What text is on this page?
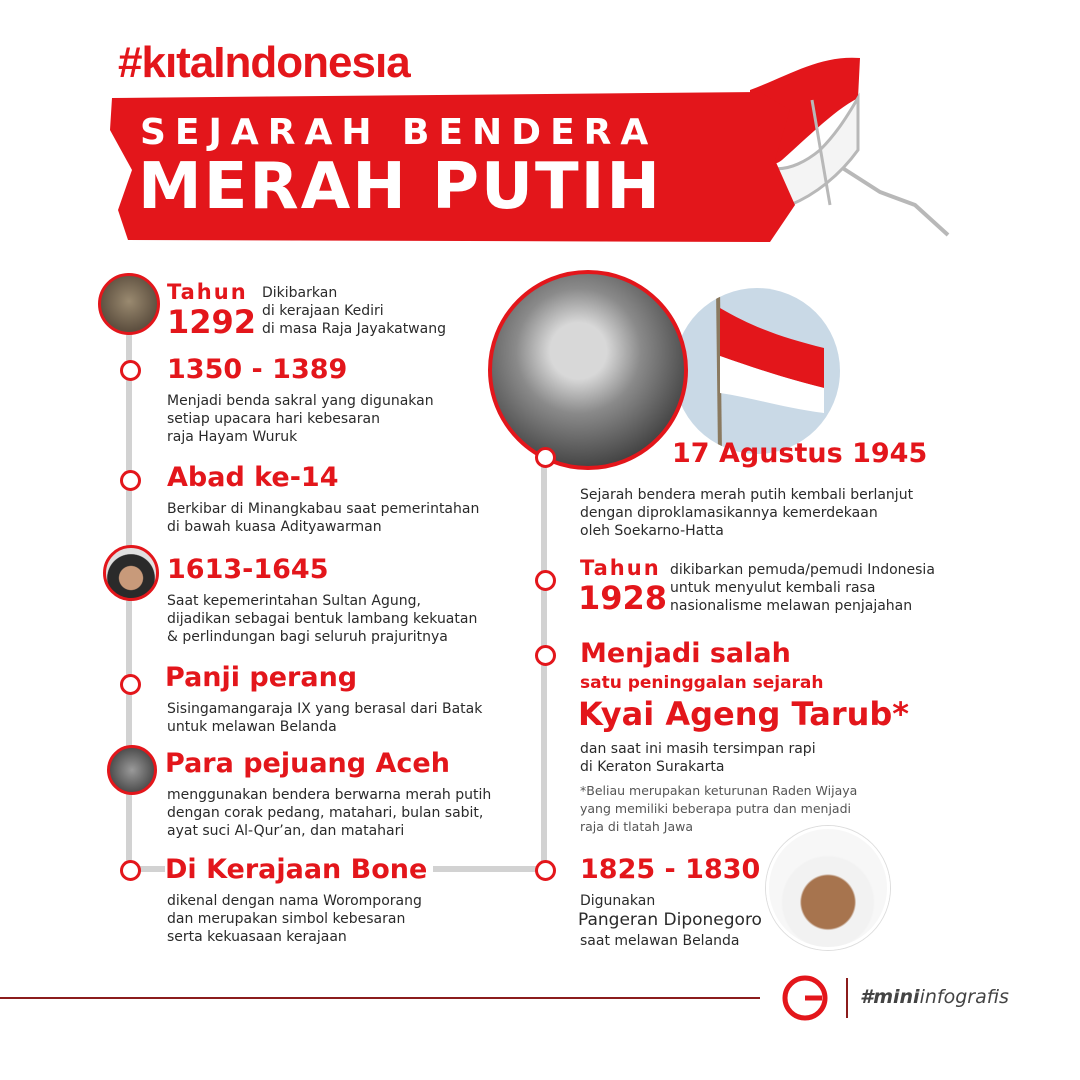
#kıtaIndonesıa
SEJARAH BENDERA
MERAH PUTIH
Tahun
1292
Dikibarkan
di kerajaan Kediri
di masa Raja Jayakatwang
1350 - 1389
Menjadi benda sakral yang digunakan
setiap upacara hari kebesaran
raja Hayam Wuruk
Abad ke-14
Berkibar di Minangkabau saat pemerintahan
di bawah kuasa Adityawarman
1613-1645
Saat kepemerintahan Sultan Agung,
dijadikan sebagai bentuk lambang kekuatan
& perlindungan bagi seluruh prajuritnya
Panji perang
Sisingamangaraja IX yang berasal dari Batak
untuk melawan Belanda
Para pejuang Aceh
menggunakan bendera berwarna merah putih
dengan corak pedang, matahari, bulan sabit,
ayat suci Al-Qur’an, dan matahari
Di Kerajaan Bone
dikenal dengan nama Woromporang
dan merupakan simbol kebesaran
serta kekuasaan kerajaan
17 Agustus 1945
Sejarah bendera merah putih kembali berlanjut
dengan diproklamasikannya kemerdekaan
oleh Soekarno-Hatta
Tahun
1928
dikibarkan pemuda/pemudi Indonesia
untuk menyulut kembali rasa
nasionalisme melawan penjajahan
Menjadi salah
satu peninggalan sejarah
Kyai Ageng Tarub*
dan saat ini masih tersimpan rapi
di Keraton Surakarta
*Beliau merupakan keturunan Raden Wijaya
yang memiliki beberapa putra dan menjadi
raja di tlatah Jawa
1825 - 1830
Digunakan
Pangeran Diponegoro
saat melawan Belanda
#miniinfografis
